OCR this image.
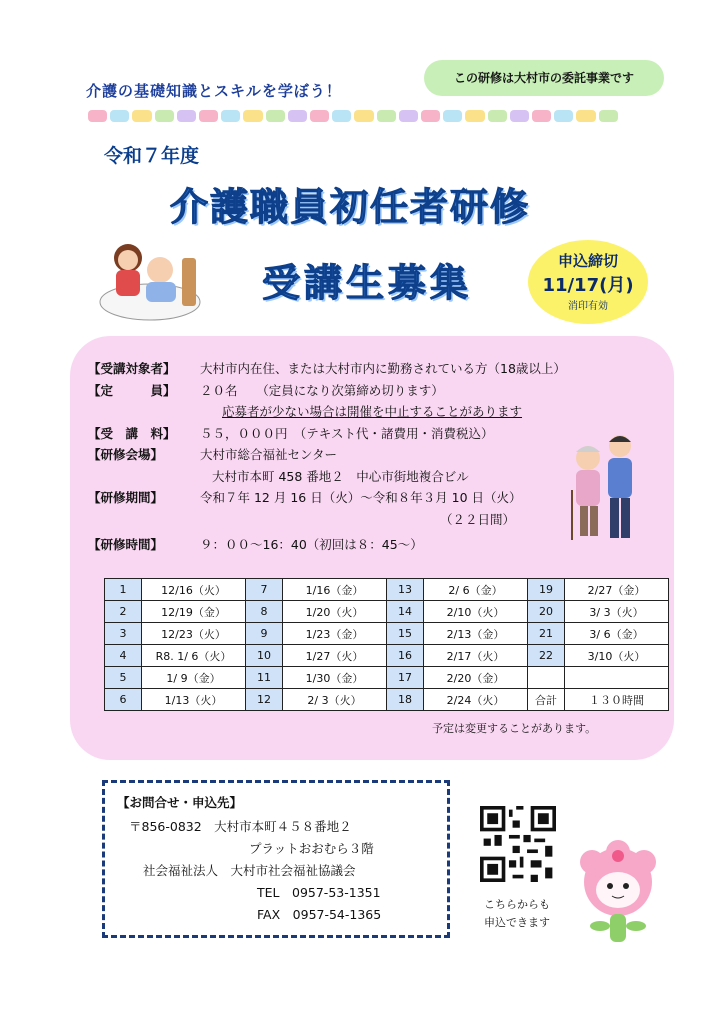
この研修は大村市の委託事業です
介護の基礎知識とスキルを学ぼう！
令和７年度
介護職員初任者研修
受講生募集	申込締切
11/17(月)
消印有効
【受講対象者】	大村市内在住、または大村市内に勤務されている方（18歳以上）
【定　　　員】	２０名　　（定員になり次第締め切ります）
応募者が少ない場合は開催を中止することがあります
【受　講　料】	５５，０００円　（テキスト代・諸費用・消費税込）
【研修会場】	大村市総合福祉センター
大村市本町 458 番地２　中心市街地複合ビル
【研修期間】	令和７年 12 月 16 日（火）〜令和８年３月 10 日（火）
（２２日間）
【研修時間】	９：００〜16：40（初回は８：45〜）
1	12/16（火）	7	1/16（金）	13	2/ 6（金）	19	2/27（金）
2	12/19（金）	8	1/20（火）	14	2/10（火）	20	3/ 3（火）
3	12/23（火）	9	1/23（金）	15	2/13（金）	21	3/ 6（金）
4	R8. 1/ 6（火）	10	1/27（火）	16	2/17（火）	22	3/10（火）
5	1/ 9（金）	11	1/30（金）	17	2/20（金）		
6	1/13（火）	12	2/ 3（火）	18	2/24（火）	合計	１３０時間
予定は変更することがあります。
【お問合せ・申込先】
〒856-0832　大村市本町４５８番地２
プラットおおむら３階
社会福祉法人　大村市社会福祉協議会
TEL　0957-53-1351
FAX　0957-54-1365
こちらからも
申込できます
